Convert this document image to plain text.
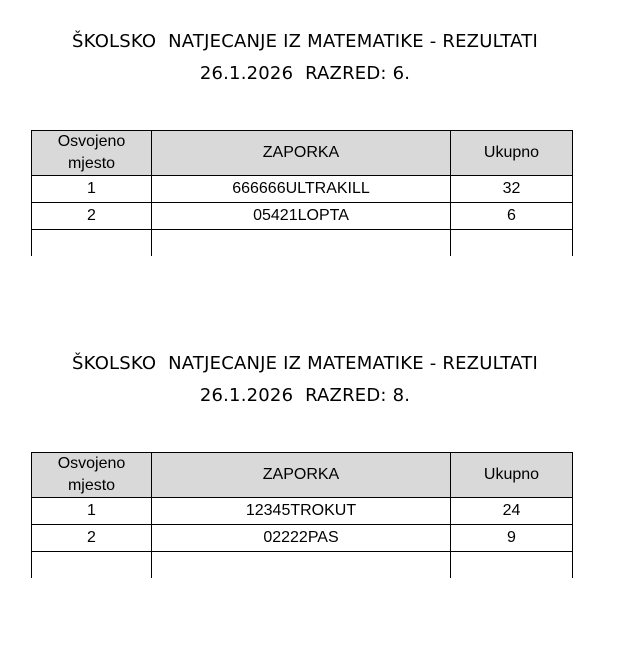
ŠKOLSKO  NATJECANJE IZ MATEMATIKE - REZULTATI
26.1.2026  RAZRED: 6.
Osvojeno mjesto	ZAPORKA	Ukupno
1	666666ULTRAKILL	32
2	05421LOPTA	6

ŠKOLSKO  NATJECANJE IZ MATEMATIKE - REZULTATI
26.1.2026  RAZRED: 8.
Osvojeno mjesto	ZAPORKA	Ukupno
1	12345TROKUT	24
2	02222PAS	9
